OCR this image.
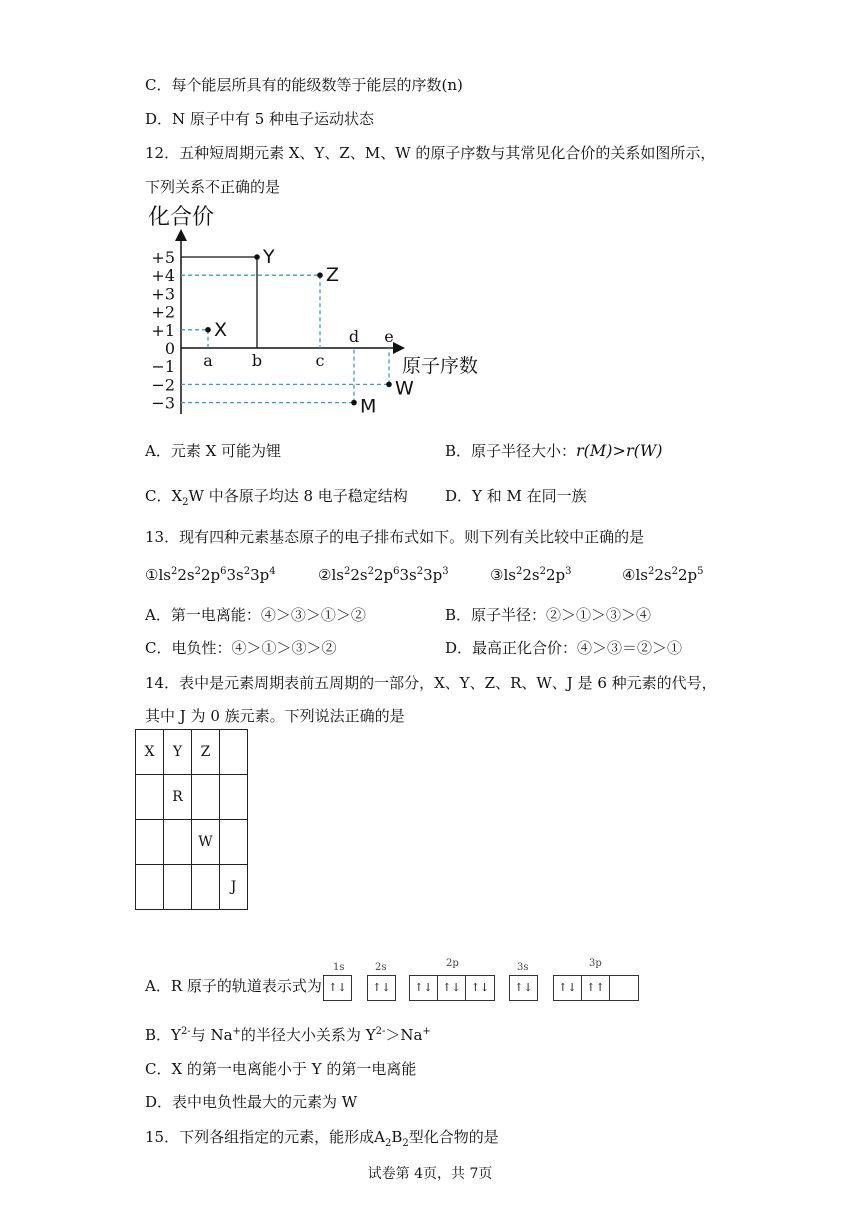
C．每个能层所具有的能级数等于能层的序数(n)
D．N 原子中有 5 种电子运动状态
12．五种短周期元素 X、Y、Z、M、W 的原子序数与其常见化合价的关系如图所示，
下列关系不正确的是
化合价
原子序数
+5
+4
+3
+2
+1
0
−1
−2
−3
a b	c
d e
X
Y
Z
M
W
A．元素 X 可能为锂	B．原子半径大小：r(M)>r(W)
C．$X_2W$ 中各原子均达 8 电子稳定结构 D．Y 和 M 在同一族
13．现有四种元素基态原子的电子排布式如下。则下列有关比较中正确的是
$①ls^22s^22p^63s^23p^4$	$②ls^22s^22p^63s^23p^3$	$③ls^22s^22p^3$	$④ls^22s^22p^5$
A．第一电离能：④＞③＞①＞②	B．原子半径：②＞①＞③＞④
C．电负性：④＞①＞③＞②	D．最高正化合价：④＞③＝②＞①
14．表中是元素周期表前五周期的一部分，X、Y、Z、R、W、J 是 6 种元素的代号，
其中 J 为 0 族元素。下列说法正确的是
X	Y	Z	
	R		
		W	
			J
A．R 原子的轨道表示式为
1s
↑↓
2s
↑↓
2p
↑↓ ↑↓ ↑↓
3s
↑↓
3p
↑↓ ↑↑
B．$Y^{2-}$与 Na+的半径大小关系为 $Y^{2-}>Na^+$
C．X 的第一电离能小于 Y 的第一电离能
D．表中电负性最大的元素为 W
15．下列各组指定的元素，能形成$A_2B_2$型化合物的是
试卷第 4页，共 7页
